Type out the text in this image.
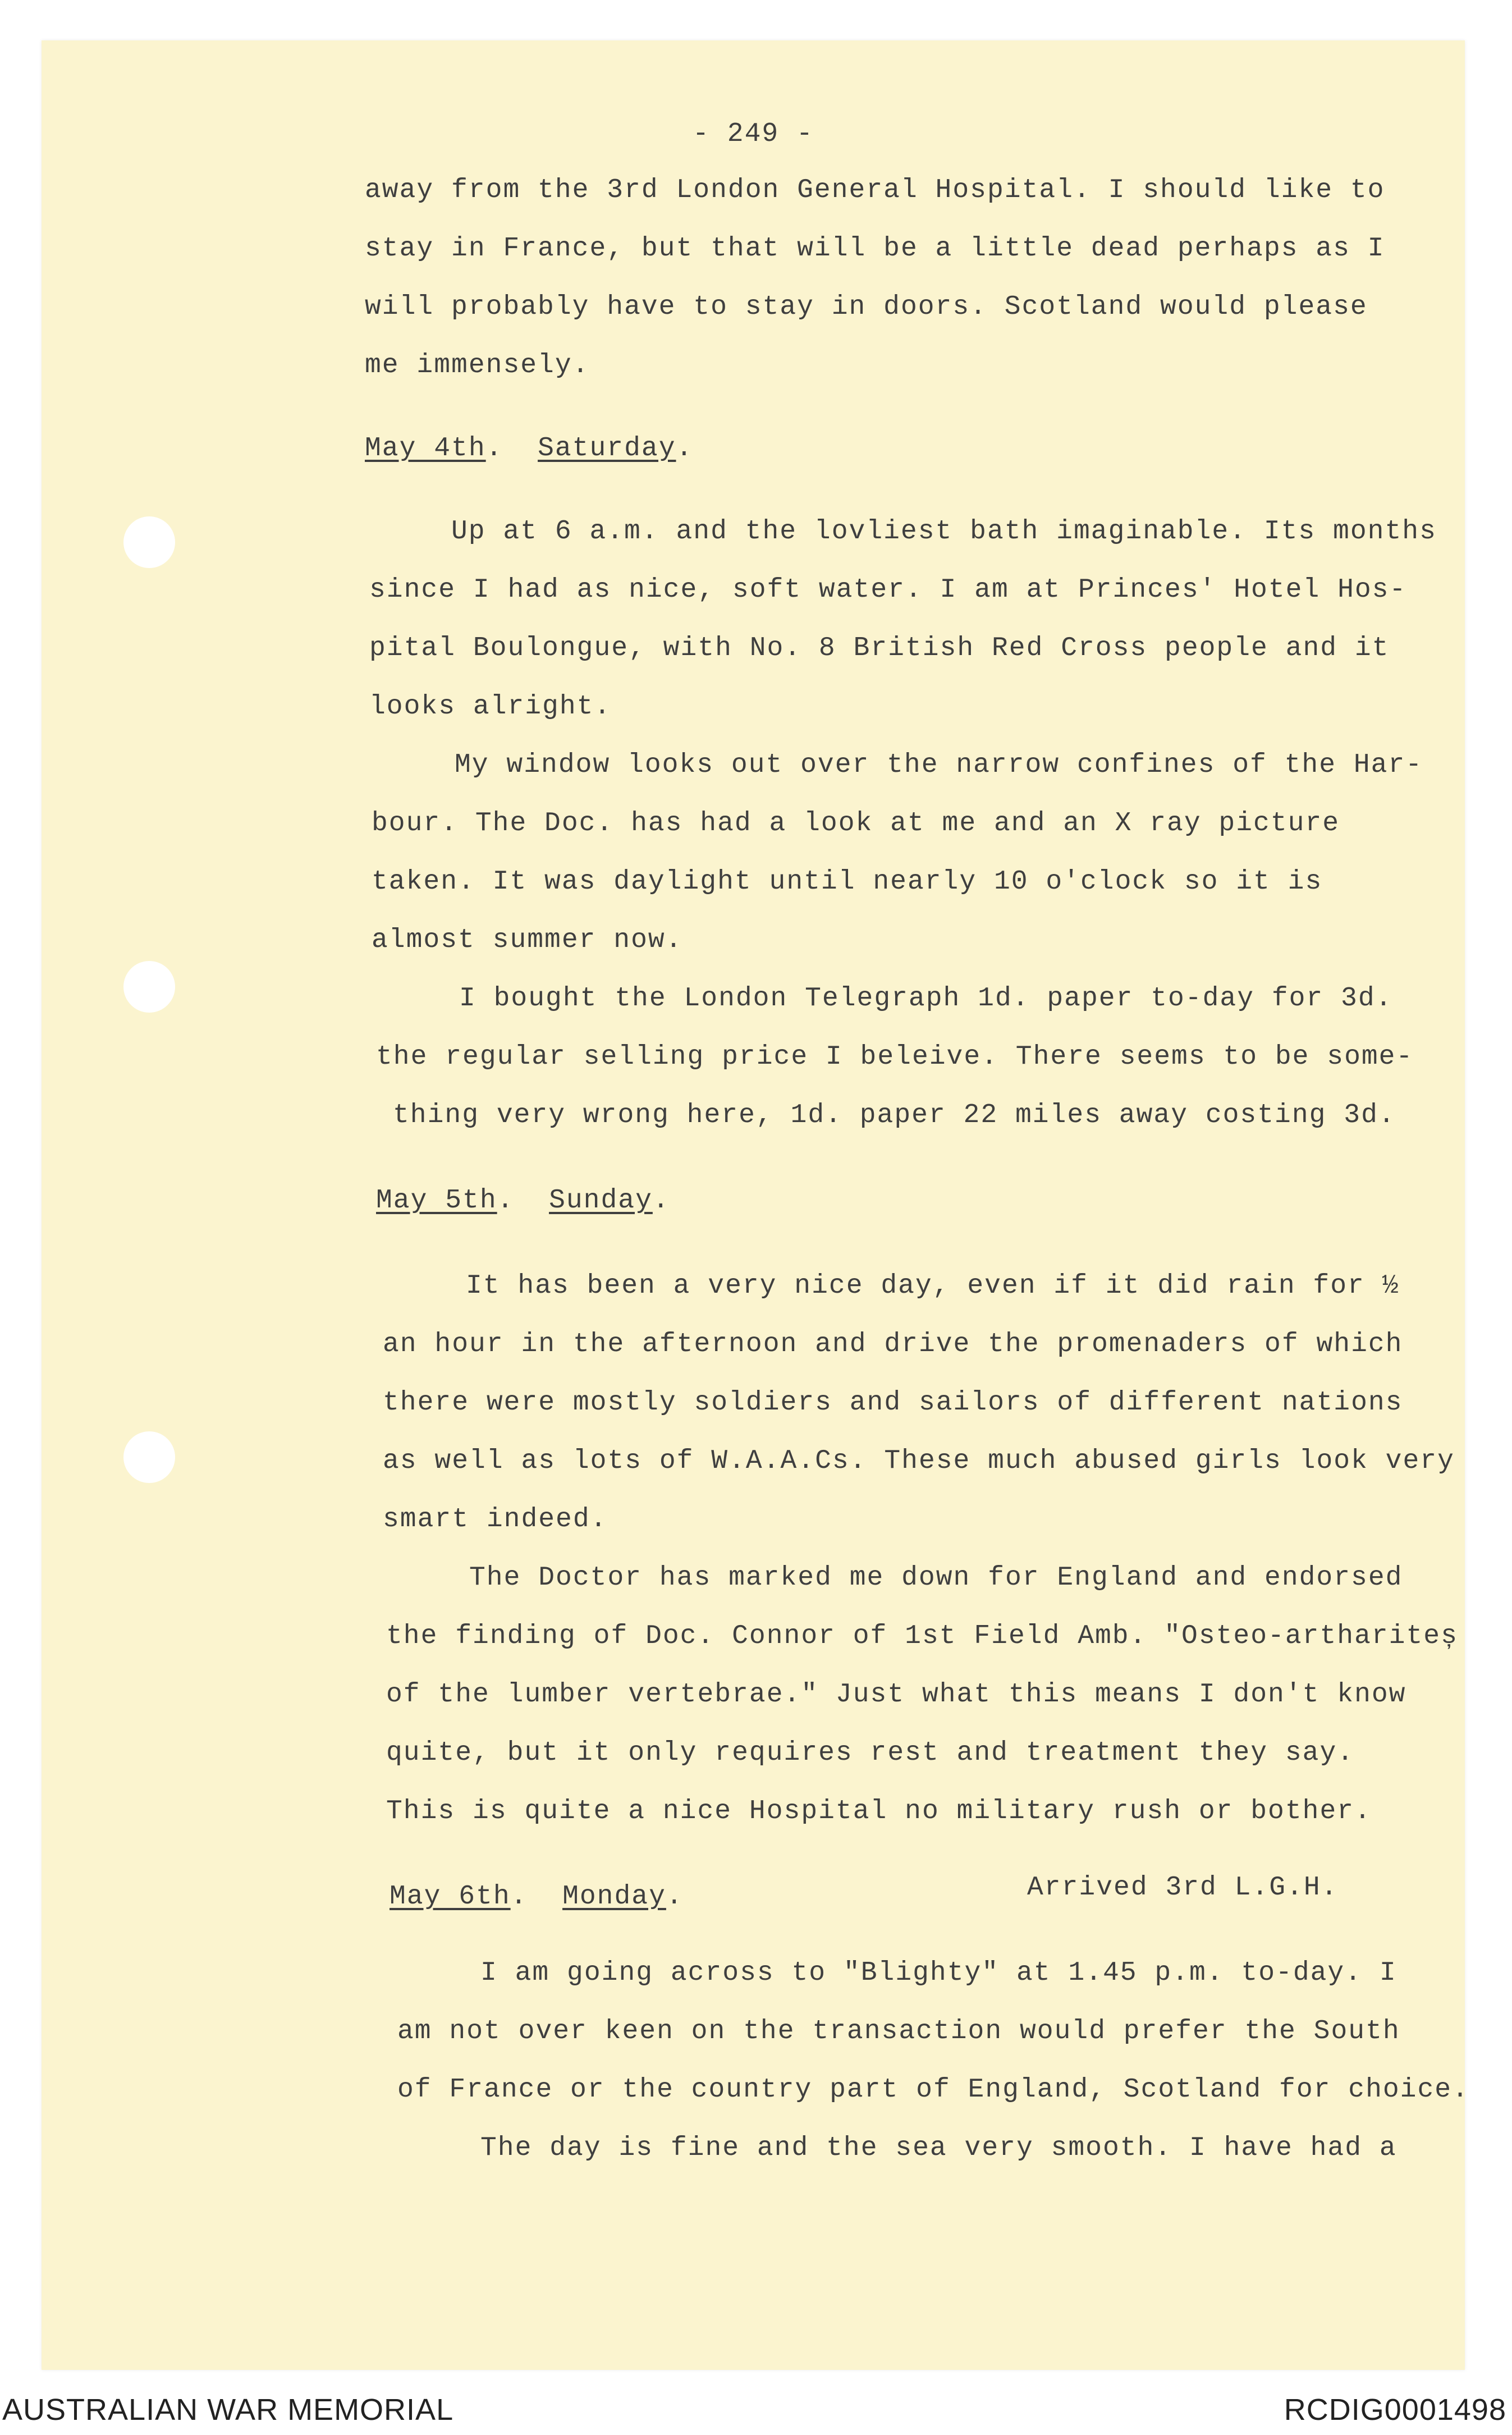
- 249 -
away from the 3rd London General Hospital. I should like to
stay in France, but that will be a little dead perhaps as I
will probably have to stay in doors. Scotland would please
me immensely.
May 4th.  Saturday.
Up at 6 a.m. and the lovliest bath imaginable. Its months
since I had as nice, soft water. I am at Princes' Hotel Hos-
pital Boulongue, with No. 8 British Red Cross people and it
looks alright.
My window looks out over the narrow confines of the Har-
bour. The Doc. has had a look at me and an X ray picture
taken. It was daylight until nearly 10 o'clock so it is
almost summer now.
I bought the London Telegraph 1d. paper to-day for 3d.
the regular selling price I beleive. There seems to be some-
thing very wrong here, 1d. paper 22 miles away costing 3d.
May 5th.  Sunday.
It has been a very nice day, even if it did rain for ½
an hour in the afternoon and drive the promenaders of which
there were mostly soldiers and sailors of different nations
as well as lots of W.A.A.Cs. These much abused girls look very
smart indeed.
The Doctor has marked me down for England and endorsed
the finding of Doc. Connor of 1st Field Amb. "Osteo-arthariteș
of the lumber vertebrae." Just what this means I don't know
quite, but it only requires rest and treatment they say.
This is quite a nice Hospital no military rush or bother.
May 6th.  Monday.	Arrived 3rd L.G.H.
I am going across to "Blighty" at 1.45 p.m. to-day. I
am not over keen on the transaction would prefer the South
of France or the country part of England, Scotland for choice.
The day is fine and the sea very smooth. I have had a
AUSTRALIAN WAR MEMORIAL	RCDIG0001498
